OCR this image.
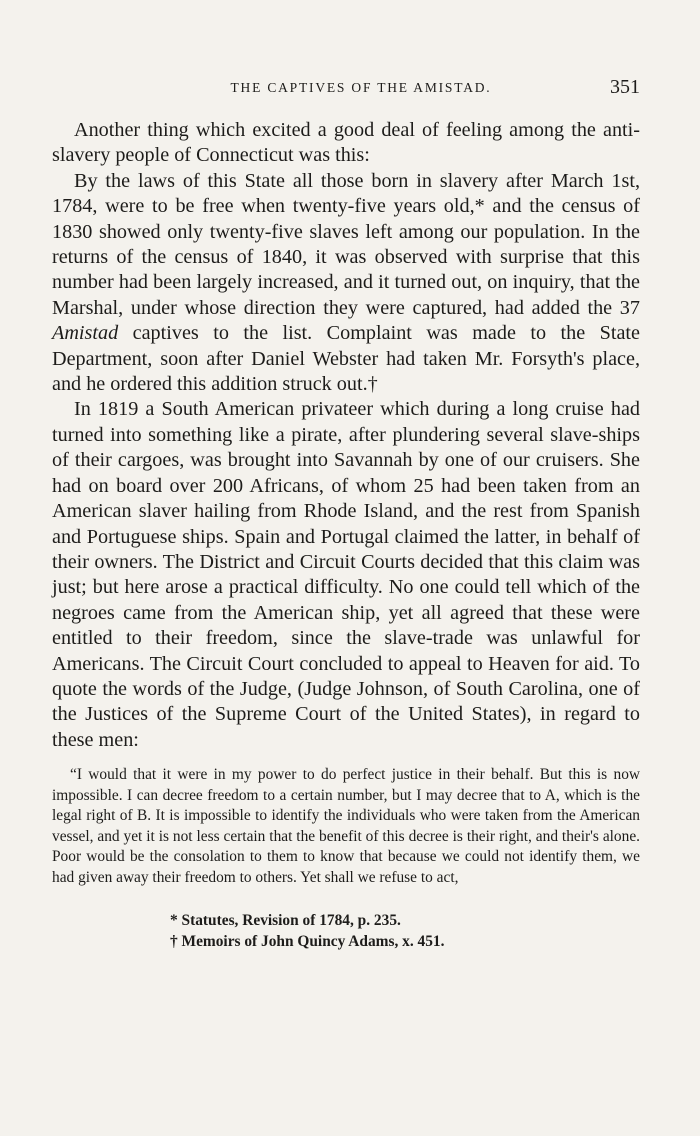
THE CAPTIVES OF THE AMISTAD.	351

Another thing which excited a good deal of feeling among the anti-slavery people of Connecticut was this:

By the laws of this State all those born in slavery after March 1st, 1784, were to be free when twenty-five years old,* and the census of 1830 showed only twenty-five slaves left among our population. In the returns of the census of 1840, it was observed with surprise that this number had been largely increased, and it turned out, on inquiry, that the Marshal, under whose direction they were captured, had added the 37 Amistad captives to the list. Complaint was made to the State Department, soon after Daniel Webster had taken Mr. Forsyth's place, and he ordered this addition struck out.†

In 1819 a South American privateer which during a long cruise had turned into something like a pirate, after plundering several slave-ships of their cargoes, was brought into Savannah by one of our cruisers. She had on board over 200 Africans, of whom 25 had been taken from an American slaver hailing from Rhode Island, and the rest from Spanish and Portuguese ships. Spain and Portugal claimed the latter, in behalf of their owners. The District and Circuit Courts decided that this claim was just; but here arose a practical difficulty. No one could tell which of the negroes came from the American ship, yet all agreed that these were entitled to their freedom, since the slave-trade was unlawful for Americans. The Circuit Court concluded to appeal to Heaven for aid. To quote the words of the Judge, (Judge Johnson, of South Carolina, one of the Justices of the Supreme Court of the United States), in regard to these men:

“I would that it were in my power to do perfect justice in their behalf. But this is now impossible. I can decree freedom to a certain number, but I may decree that to A, which is the legal right of B. It is impossible to identify the individuals who were taken from the American vessel, and yet it is not less certain that the benefit of this decree is their right, and their's alone. Poor would be the consolation to them to know that because we could not identify them, we had given away their freedom to others. Yet shall we refuse to act,
* Statutes, Revision of 1784, p. 235.
† Memoirs of John Quincy Adams, x. 451.
